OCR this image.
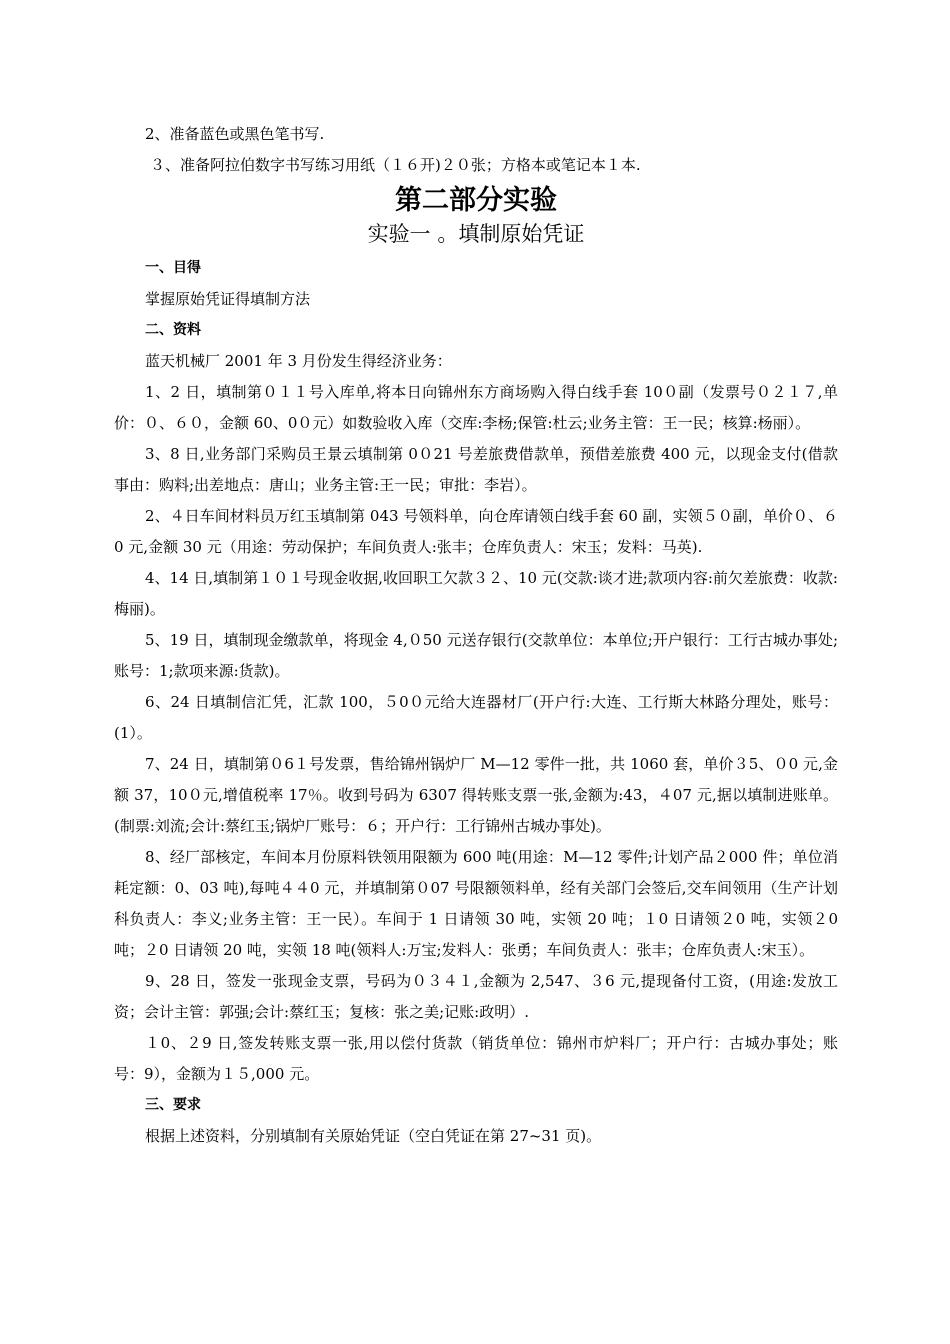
2、准备蓝色或黑色笔书写.

３、准备阿拉伯数字书写练习用纸（１６开)２０张；方格本或笔记本１本.

第二部分实验
实验一 。填制原始凭证

一、目得

掌握原始凭证得填制方法

二、资料

蓝天机械厂 2001 年 3 月份发生得经济业务：

1、2 日，填制第０１１号入库单,将本日向锦州东方商场购入得白线手套 10０副（发票号０２１７,单价：０、６０，金额 60、0０元）如数验收入库（交库:李杨;保管:杜云;业务主管：王一民；核算:杨丽）。

3、8 日,业务部门采购员王景云填制第 0０21 号差旅费借款单，预借差旅费 400 元，以现金支付(借款事由：购料;出差地点：唐山；业务主管:王一民；审批：李岩）。

2、４日车间材料员万红玉填制第 043 号领料单，向仓库请领白线手套 60 副，实领５０副，单价０、６0 元,金额 30 元（用途：劳动保护；车间负责人:张丰；仓库负责人：宋玉；发料：马英).

4、14 日,填制第１０１号现金收据,收回职工欠款３２、10 元(交款:谈才进;款项内容:前欠差旅费：收款:梅丽)。

5、19 日，填制现金缴款单，将现金 4,０50 元送存银行(交款单位：本单位;开户银行：工行古城办事处;账号：1;款项来源:货款)。

6、24 日填制信汇凭，汇款 100，５0０元给大连器材厂(开户行:大连、工行斯大林路分理处，账号：(1）。

7、24 日，填制第０6１号发票，售给锦州锅炉厂 M—12 零件一批，共 1060 套，单价３5、０0 元,金额 37，10０元,增值税率 17％。收到号码为 6307 得转账支票一张,金额为:43，４07 元,据以填制进账单。(制票:刘流;会计:蔡红玉;锅炉厂账号：６；开户行：工行锦州古城办事处)。

8、经厂部核定，车间本月份原料铁领用限额为 600 吨(用途：M—12 零件;计划产品２000 件；单位消耗定额：0、03 吨),每吨４４0 元，并填制第０07 号限额领料单，经有关部门会签后,交车间领用（生产计划科负责人：李义;业务主管：王一民）。车间于 1 日请领 30 吨，实领 20 吨；１0 日请领２0 吨，实领２0 吨；２0 日请领 20 吨，实领 18 吨(领料人:万宝;发料人：张勇；车间负责人：张丰；仓库负责人:宋玉）。

9、28 日，签发一张现金支票，号码为０３４１,金额为 2,547、３6 元,提现备付工资，(用途:发放工资；会计主管：郭强;会计:蔡红玉；复核：张之美;记账:政明）.

１0、２9 日,签发转账支票一张,用以偿付货款（销货单位：锦州市炉料厂；开户行：古城办事处；账号：9），金额为１５,000 元。

三、要求

根据上述资料，分别填制有关原始凭证（空白凭证在第 27~31 页)。
